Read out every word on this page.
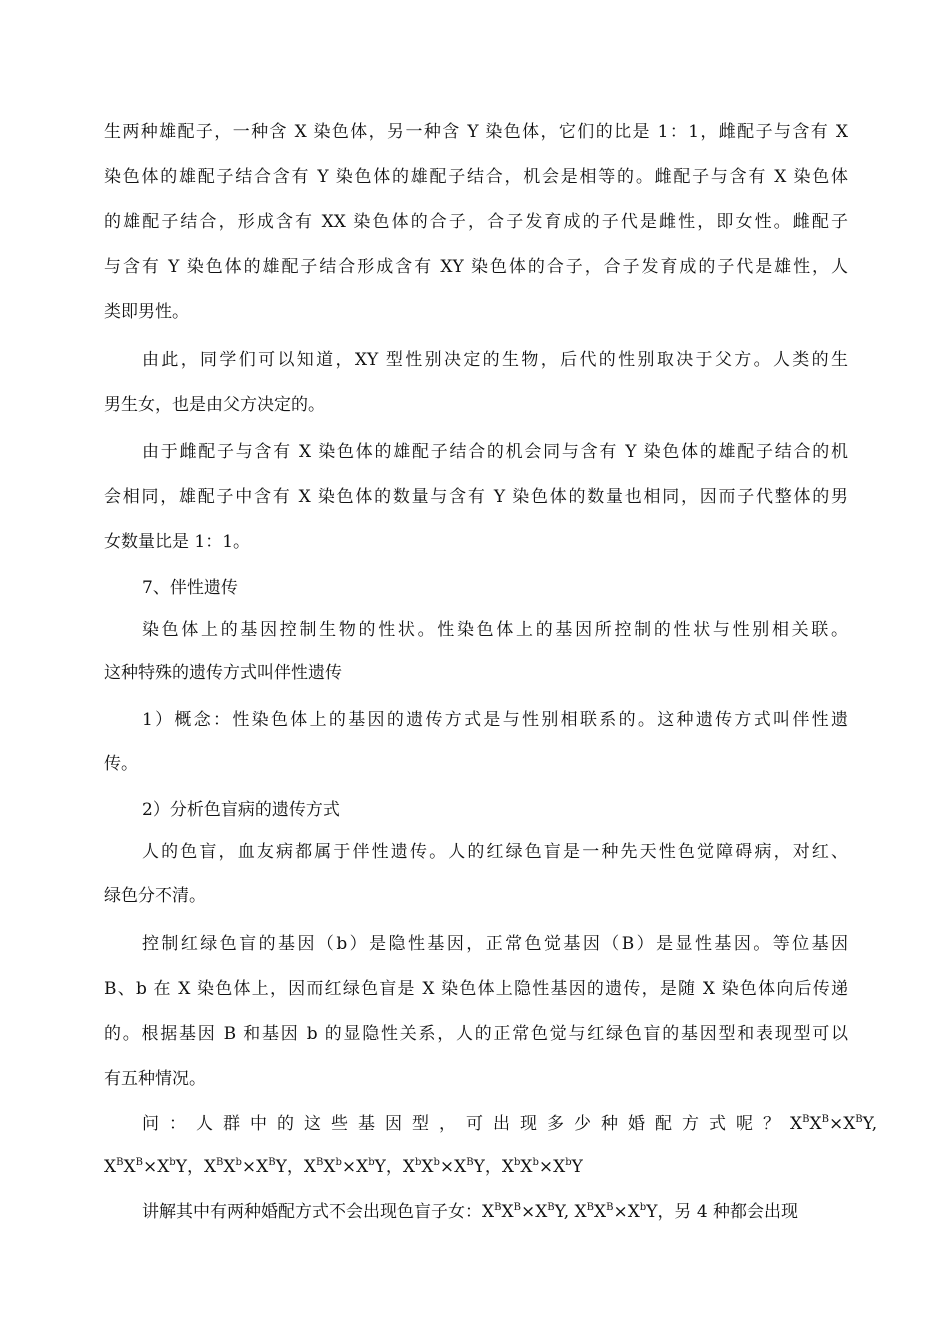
生两种雄配子，一种含 X 染色体，另一种含 Y 染色体，它们的比是 1：1，雌配子与含有 X
染色体的雄配子结合含有 Y 染色体的雄配子结合，机会是相等的。雌配子与含有 X 染色体
的雄配子结合，形成含有 XX 染色体的合子，合子发育成的子代是雌性，即女性。雌配子
与含有 Y 染色体的雄配子结合形成含有 XY 染色体的合子，合子发育成的子代是雄性，人
类即男性。
由此，同学们可以知道，XY 型性别决定的生物，后代的性别取决于父方。人类的生
男生女，也是由父方决定的。
由于雌配子与含有 X 染色体的雄配子结合的机会同与含有 Y 染色体的雄配子结合的机
会相同，雄配子中含有 X 染色体的数量与含有 Y 染色体的数量也相同，因而子代整体的男
女数量比是 1：1。
7、伴性遗传
染色体上的基因控制生物的性状。性染色体上的基因所控制的性状与性别相关联。
这种特殊的遗传方式叫伴性遗传
1）概念：性染色体上的基因的遗传方式是与性别相联系的。这种遗传方式叫伴性遗
传。
2）分析色盲病的遗传方式
人的色盲，血友病都属于伴性遗传。人的红绿色盲是一种先天性色觉障碍病，对红、
绿色分不清。
控制红绿色盲的基因（b）是隐性基因，正常色觉基因（B）是显性基因。等位基因
B、b 在 X 染色体上，因而红绿色盲是 X 染色体上隐性基因的遗传，是随 X 染色体向后传递
的。根据基因 B 和基因 b 的显隐性关系，人的正常色觉与红绿色盲的基因型和表现型可以
有五种情况。
问：人群中的这些基因型，可出现多少种婚配方式呢？ $X^BX^B\times X^BY$,
$X^BX^B\times X^bY$，$X^BX^b\times X^BY$，$X^BX^b\times X^bY$，$X^bX^b\times X^BY$，$X^bX^b\times X^bY$
讲解其中有两种婚配方式不会出现色盲子女：$X^BX^B\times X^BY$, $X^BX^B\times X^bY$，另 4 种都会出现
